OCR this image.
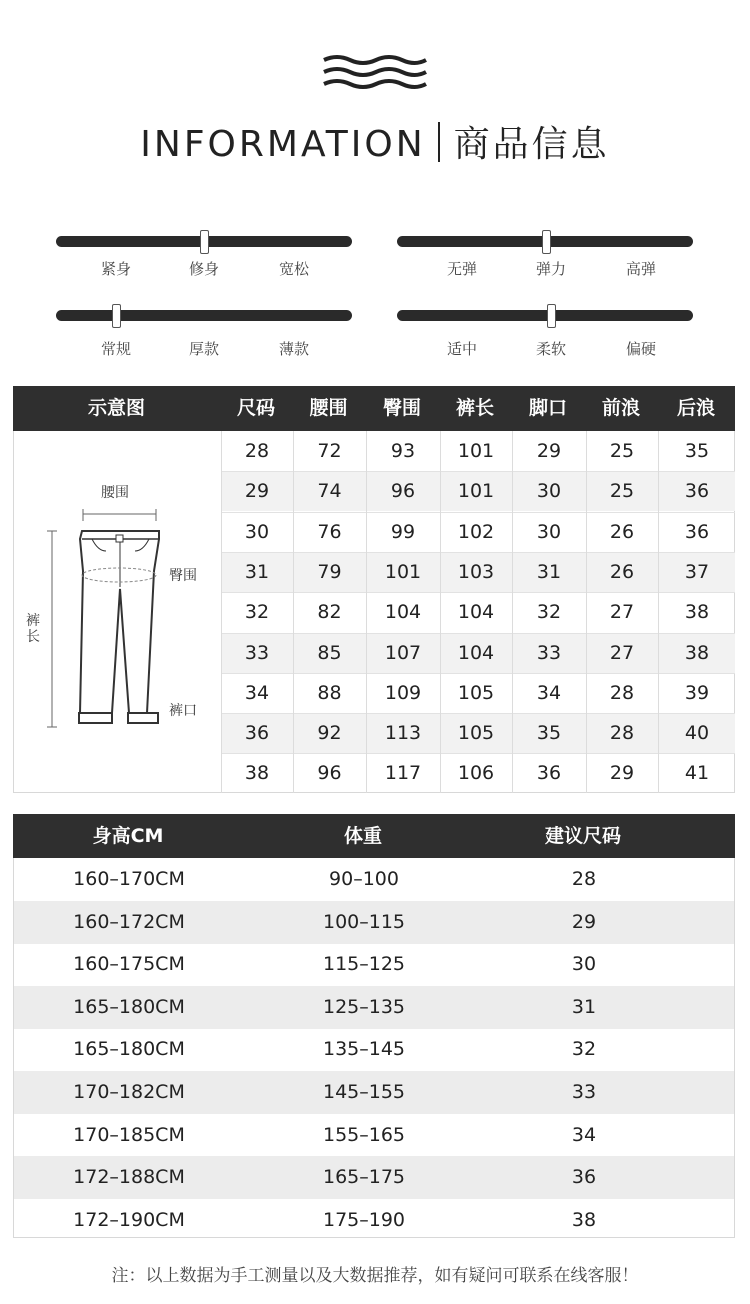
INFORMATION 商品信息
紧身	修身	宽松	无弹	弹力	高弹
常规	厚款	薄款	适中	柔软	偏硬
示意图	尺码	腰围	臀围	裤长	脚口	前浪	后浪
腰围
臀围
裤长
裤口
28	72	93	101	29	25	35
29	74	96	101	30	25	36
30	76	99	102	30	26	36
31	79	101	103	31	26	37
32	82	104	104	32	27	38
33	85	107	104	33	27	38
34	88	109	105	34	28	39
36	92	113	105	35	28	40
38	96	117	106	36	29	41
身高CM	体重	建议尺码
160–170CM	90–100	28
160–172CM	100–115	29
160–175CM	115–125	30
165–180CM	125–135	31
165–180CM	135–145	32
170–182CM	145–155	33
170–185CM	155–165	34
172–188CM	165–175	36
172–190CM	175–190	38
注：以上数据为手工测量以及大数据推荐，如有疑问可联系在线客服！
